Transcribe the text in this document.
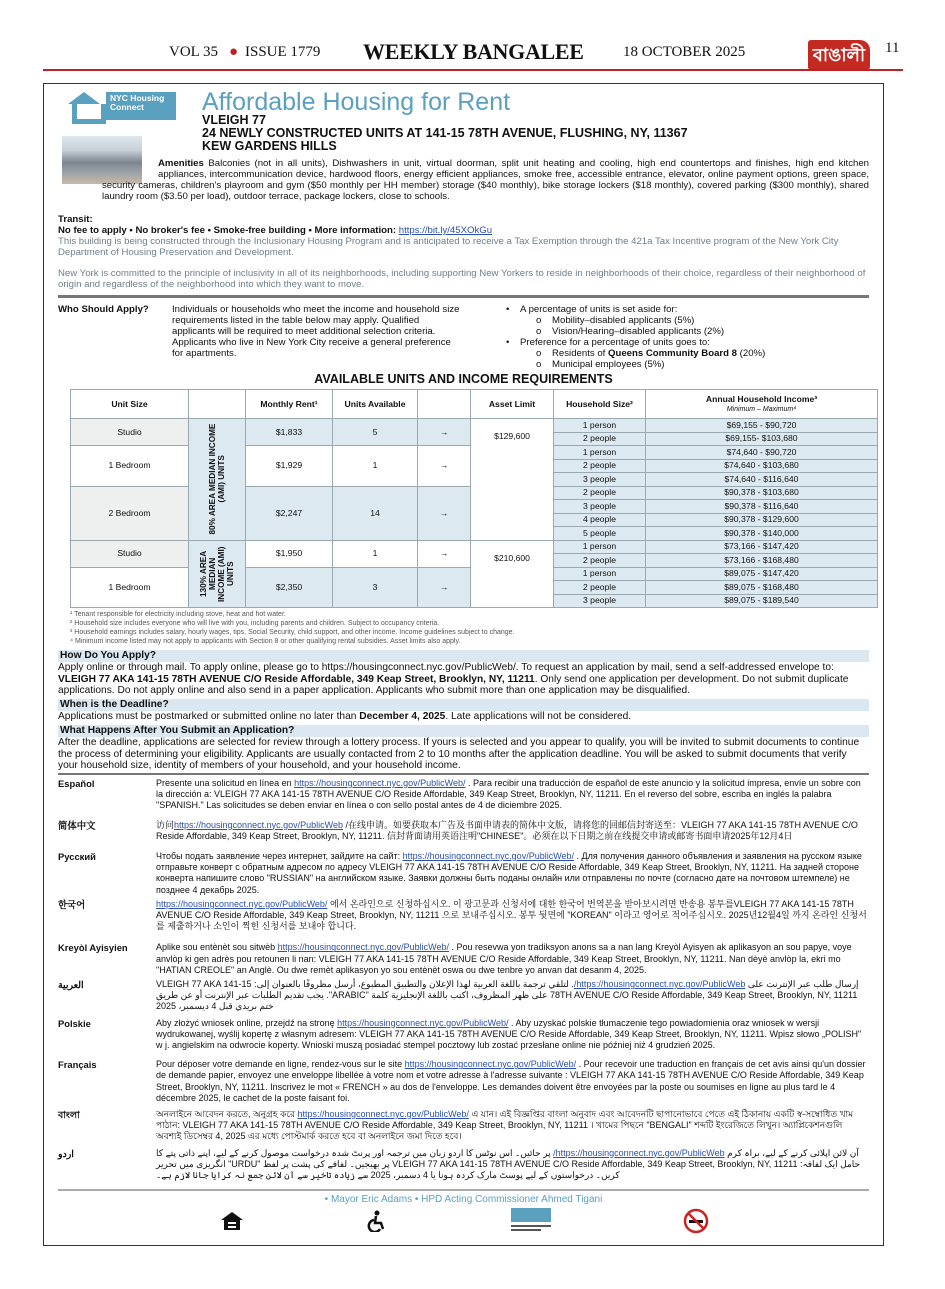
VOL 35 ● ISSUE 1779 WEEKLY BANGALEE	18 OCTOBER 2025	বাঙালী	11
NYC Housing Connect	Affordable Housing for Rent
VLEIGH 77
24 NEWLY CONSTRUCTED UNITS AT 141-15 78TH AVENUE, FLUSHING, NY, 11367
KEW GARDENS HILLS
Amenities Balconies (not in all units), Dishwashers in unit, virtual doorman, split unit heating and cooling, high end countertops and finishes, high end kitchen appliances, intercommunication device, hardwood floors, energy efficient appliances, smoke free, accessible entrance, elevator, online payment options, green space, security cameras, children's playroom and gym ($50 monthly per HH member) storage ($40 monthly), bike storage lockers ($18 monthly), covered parking ($300 monthly), shared laundry room ($3.50 per load), outdoor terrace, package lockers, close to schools.
Transit:
No fee to apply • No broker's fee • Smoke-free building • More information: https://bit.ly/45XOkGu
This building is being constructed through the Inclusionary Housing Program and is anticipated to receive a Tax Exemption through the 421a Tax Incentive program of the New York City Department of Housing Preservation and Development.
New York is committed to the principle of inclusivity in all of its neighborhoods, including supporting New Yorkers to reside in neighborhoods of their choice, regardless of their neighborhood of origin and regardless of the neighborhood into which they want to move.
Who Should Apply?	Individuals or households who meet the income and household size requirements listed in the table below may apply. Qualified applicants will be required to meet additional selection criteria. Applicants who live in New York City receive a general preference for apartments.
•    A percentage of units is set aside for:
o    Mobility–disabled applicants (5%)
o    Vision/Hearing–disabled applicants (2%)
•    Preference for a percentage of units goes to:
o	Residents of Queens Community Board 8 (20%)
o    Municipal employees (5%)
AVAILABLE UNITS AND INCOME REQUIREMENTS
Unit Size		Monthly Rent¹	Units Available		Asset Limit	Household Size²	Annual Household Income³
Minimum – Maximum⁴

Studio	80% AREA MEDIAN INCOME (AMI) UNITS	$1,833	5	→	$129,600	1 person	$69,155 - $90,720
						2 people	$69,155- $103,680
1 Bedroom		$1,929	1	→		1 person	$74,640 - $90,720
						2 people	$74,640 - $103,680
						3 people	$74,640 - $116,640
2 Bedroom		$2,247	14	→		2 people	$90,378 - $103,680
						3 people	$90,378 - $116,640
						4 people	$90,378 - $129,600
						5 people	$90,378 - $140,000
Studio	130% AREA MEDIAN INCOME (AMI) UNITS	$1,950	1	→	$210,600	1 person	$73,166 - $147,420
						2 people	$73,166 - $168,480
1 Bedroom		$2,350	3	→		1 person	$89,075 - $147,420
						2 people	$89,075 - $168,480
						3 people	$89,075 - $189,540
¹ Tenant responsible for electricity including stove, heat and hot water.
² Household size includes everyone who will live with you, including parents and children. Subject to occupancy criteria.
³ Household earnings includes salary, hourly wages, tips, Social Security, child support, and other income. Income guidelines subject to change.
⁴ Minimum income listed may not apply to applicants with Section 8 or other qualifying rental subsidies. Asset limits also apply.
How Do You Apply?
Apply online or through mail. To apply online, please go to https://housingconnect.nyc.gov/PublicWeb/. To request an application by mail, send a self-addressed envelope to: VLEIGH 77 AKA 141-15 78TH AVENUE C/O Reside Affordable, 349 Keap Street, Brooklyn, NY, 11211. Only send one application per development. Do not submit duplicate applications. Do not apply online and also send in a paper application. Applicants who submit more than one application may be disqualified.
When is the Deadline?
Applications must be postmarked or submitted online no later than December 4, 2025. Late applications will not be considered.
What Happens After You Submit an Application?
After the deadline, applications are selected for review through a lottery process. If yours is selected and you appear to qualify, you will be invited to submit documents to continue the process of determining your eligibility. Applicants are usually contacted from 2 to 10 months after the application deadline. You will be asked to submit documents that verify your household size, identity of members of your household, and your household income.
Español	Presente una solicitud en línea en https://housingconnect.nyc.gov/PublicWeb/ . Para recibir una traducción de español de este anuncio y la solicitud impresa, envíe un sobre con la dirección a: VLEIGH 77 AKA 141-15 78TH AVENUE C/O Reside Affordable, 349 Keap Street, Brooklyn, NY, 11211. En el reverso del sobre, escriba en inglés la palabra "SPANISH." Las solicitudes se deben enviar en línea o con sello postal antes de 4 de diciembre 2025.
简体中文	访问https://housingconnect.nyc.gov/PublicWeb /在线申请。如要获取本广告及书面申请表的简体中文版，请将您的回邮信封寄送至：VLEIGH 77 AKA 141-15 78TH AVENUE C/O Reside Affordable, 349 Keap Street, Brooklyn, NY, 11211. 信封背面请用英语注明"CHINESE"。必须在以下日期之前在线提交申请或邮寄书面申请2025年12月4日
Русский	Чтобы подать заявление через интернет, зайдите на сайт: https://housingconnect.nyc.gov/PublicWeb/ . Для получения данного объявления и заявления на русском языке отправьте конверт с обратным адресом по адресу VLEIGH 77 AKA 141-15 78TH AVENUE C/O Reside Affordable, 349 Keap Street, Brooklyn, NY, 11211. На задней стороне конверта напишите слово "RUSSIAN" на английском языке. Заявки должны быть поданы онлайн или отправлены по почте (согласно дате на почтовом штемпеле) не позднее 4 декабрь 2025.
한국어	https://housingconnect.nyc.gov/PublicWeb/ 에서 온라인으로 신청하십시오. 이 광고문과 신청서에 대한 한국어 번역본을 받아보시려면 반송용 봉투를VLEIGH 77 AKA 141-15 78TH AVENUE C/O Reside Affordable, 349 Keap Street, Brooklyn, NY, 11211 으로 보내주십시오. 봉투 뒷면에 "KOREAN" 이라고 영어로 적어주십시오. 2025년12월4일 까지 온라인 신청서를 제출하거나 소인이 찍힌 신청서를 보내야 합니다.
Kreyòl Ayisyien	Aplike sou entènèt sou sitwèb https://housingconnect.nyc.gov/PublicWeb/ . Pou resevwa yon tradiksyon anons sa a nan lang Kreyòl Ayisyen ak aplikasyon an sou papye, voye anvlòp ki gen adrès pou retounen li nan: VLEIGH 77 AKA 141-15 78TH AVENUE C/O Reside Affordable, 349 Keap Street, Brooklyn, NY, 11211. Nan dèyè anvlòp la, ekri mo "HATIAN CREOLE" an Anglè. Ou dwe remèt aplikasyon yo sou entènèt oswa ou dwe tenbre yo anvan dat desanm 4, 2025.
العربية	إرسال طلب عبر الإنترنت على https://housingconnect.nyc.gov/PublicWeb/. لتلقي ترجمة باللغة العربية لهذا الإعلان والتطبيق المطبوع، أرسل مظروفًا بالعنوان إلى: VLEIGH 77 AKA 141-15 78TH AVENUE C/O Reside Affordable, 349 Keap Street, Brooklyn, NY, 11211 على ظهر المظروف، اكتب باللغة الإنجليزية كلمة "ARABIC". يجب تقديم الطلبات عبر الإنترنت أو عن طريق ختم بريدي قبل 4 ديسمبر، 2025
Polskie	Aby złożyć wniosek online, przejdź na stronę https://housingconnect.nyc.gov/PublicWeb/ . Aby uzyskać polskie tłumaczenie tego powiadomienia oraz wniosek w wersji wydrukowanej, wyślij kopertę z własnym adresem: VLEIGH 77 AKA 141-15 78TH AVENUE C/O Reside Affordable, 349 Keap Street, Brooklyn, NY, 11211. Wpisz słowo „POLISH" w j. angielskim na odwrocie koperty. Wnioski muszą posiadać stempel pocztowy lub zostać przesłane online nie później niż 4 grudzień 2025.
Français	Pour déposer votre demande en ligne, rendez-vous sur le site https://housingconnect.nyc.gov/PublicWeb/ . Pour recevoir une traduction en français de cet avis ainsi qu'un dossier de demande papier, envoyez une enveloppe libellée à votre nom et votre adresse à l'adresse suivante : VLEIGH 77 AKA 141-15 78TH AVENUE C/O Reside Affordable, 349 Keap Street, Brooklyn, NY, 11211. Inscrivez le mot « FRENCH » au dos de l'enveloppe. Les demandes doivent être envoyées par la poste ou soumises en ligne au plus tard le 4 décembre 2025, le cachet de la poste faisant foi.
বাংলা	অনলাইনে আবেদন করতে, অনুগ্রহ করে https://housingconnect.nyc.gov/PublicWeb/ এ যান। এই বিজ্ঞপ্তির বাংলা অনুবাদ এবং আবেদনটি ছাপানোভাবে পেতে এই ঠিকানায় একটি স্ব-সম্বোধিত খাম পাঠান: VLEIGH 77 AKA 141-15 78TH AVENUE C/O Reside Affordable, 349 Keap Street, Brooklyn, NY, 11211 । খামের পিছনে "BENGALI" শব্দটি ইংরেজিতে লিখুন। অ্যাপ্লিকেশনগুলি অবশ্যই ডিসেম্বর 4, 2025 এর মধ্যে পোস্টমার্ক করতে হবে বা অনলাইনে জমা দিতে হবে।
اردو	آن لائن اپلائی کرنے کے لیے، براہ کرم https://housingconnect.nyc.gov/PublicWeb/ پر جائیں۔ اس نوٹس کا اردو زبان میں ترجمہ اور پرنٹ شدہ درخواست موصول کرنے کے لیے، اپنے ذاتی پتے کا حامل ایک لفافہ: VLEIGH 77 AKA 141-15 78TH AVENUE C/O Reside Affordable, 349 Keap Street, Brooklyn, NY, 11211 پر بھیجیں۔ لفافے کی پشت پر لفظ "URDU" انگریزی میں تحریر کریں۔ درخواستوں کے لیے پوسٹ مارک کردہ ہونا یا 4 دسمبر، 2025 سے زیادہ تاخیر سے آن لائن جمع نہ کرایا جانا لازم ہے۔
• Mayor Eric Adams • HPD Acting Commissioner Ahmed Tigani
